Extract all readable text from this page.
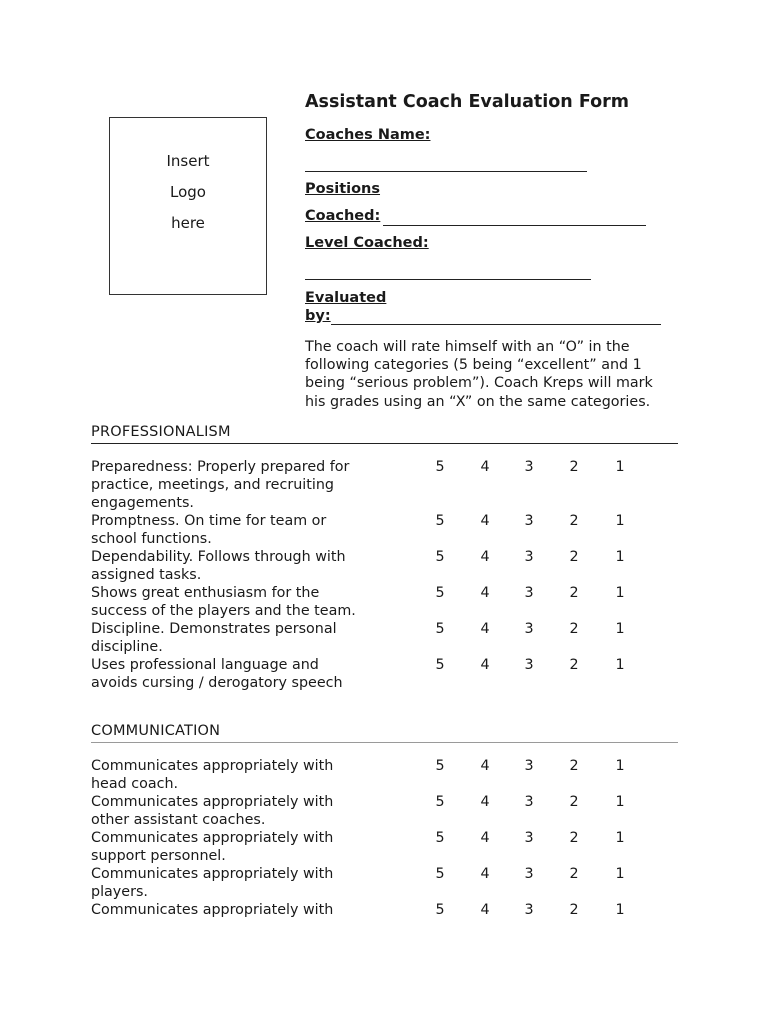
Insert
Logo
here
Assistant Coach Evaluation Form
Coaches Name:
Positions
Coached:
Level Coached:
Evaluated
by:
The coach will rate himself with an “O” in the
following categories (5 being “excellent” and 1
being “serious problem”). Coach Kreps will mark
his grades using an “X” on the same categories.
PROFESSIONALISM
Preparedness: Properly prepared for
practice, meetings, and recruiting
engagements.
5	4 3	2	1
Promptness. On time for team or
school functions.
5	4 3	2	1
Dependability. Follows through with
assigned tasks.
5	4 3	2	1
Shows great enthusiasm for the
success of the players and the team.
5	4 3	2	1
Discipline. Demonstrates personal
discipline.
5	4 3	2	1
Uses professional language and
avoids cursing / derogatory speech
5	4 3	2	1
COMMUNICATION
Communicates appropriately with
head coach.
5	4 3	2	1
Communicates appropriately with
other assistant coaches.
5	4 3	2	1
Communicates appropriately with
support personnel.
5	4 3	2	1
Communicates appropriately with
players.
5	4 3	2	1
Communicates appropriately with	5	4 3	2	1
